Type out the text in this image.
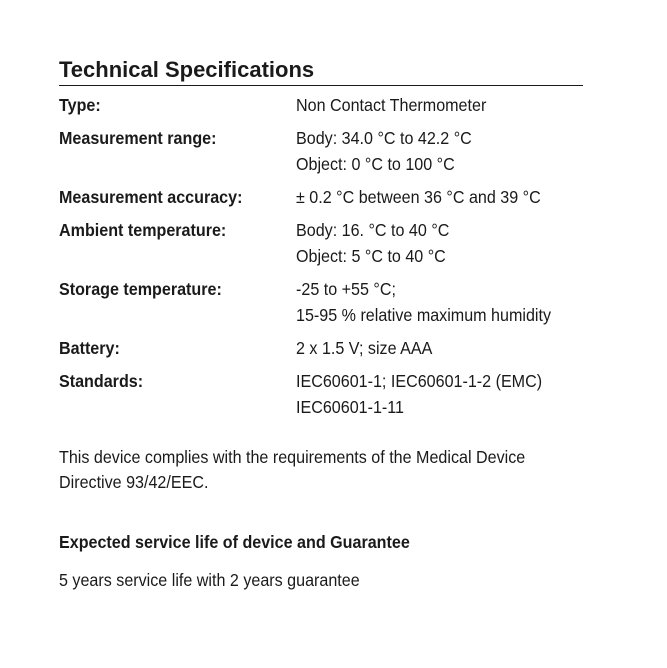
Technical Specifications
Type:	Non Contact Thermometer
Measurement range:	Body: 34.0 °C to 42.2 °C
Object: 0 °C to 100 °C
Measurement accuracy:	± 0.2 °C between 36 °C and 39 °C
Ambient temperature:	Body: 16. °C to 40 °C
Object: 5 °C to 40 °C
Storage temperature:	-25 to +55 °C;
15-95 % relative maximum humidity
Battery:	2 x 1.5 V; size AAA
Standards:	IEC60601-1; IEC60601-1-2 (EMC)
IEC60601-1-11
This device complies with the requirements of the Medical Device
Directive 93/42/EEC.
Expected service life of device and Guarantee
5 years service life with 2 years guarantee
